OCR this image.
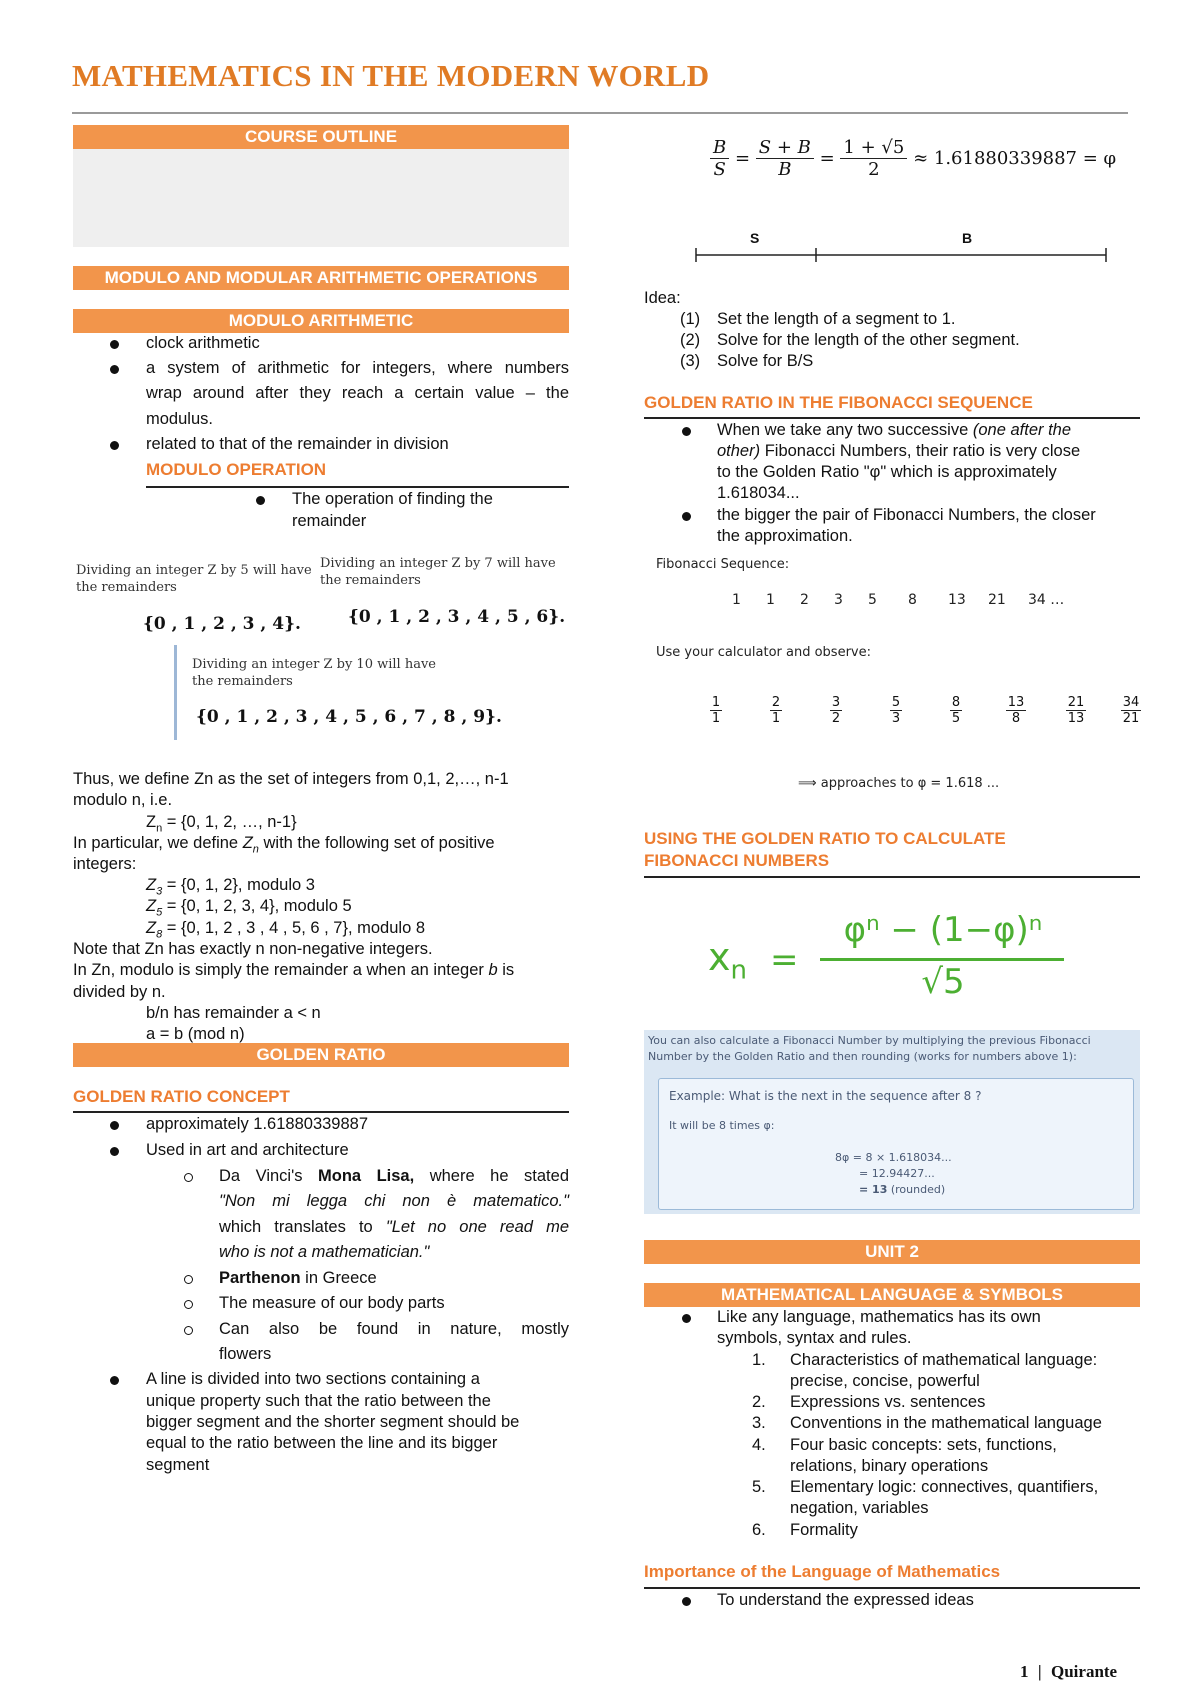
MATHEMATICS IN THE MODERN WORLD
COURSE OUTLINE
MODULO AND MODULAR ARITHMETIC OPERATIONS
MODULO ARITHMETIC
clock arithmetic
a system of arithmetic for integers, where numbers
wrap around after they reach a certain value – the
modulus.
related to that of the remainder in division
MODULO OPERATION
The operation of finding the
remainder
Dividing an integer Z by 5 will have
the remainders
{0 , 1 , 2 , 3 , 4}.
Dividing an integer Z by 7 will have
the remainders
{0 , 1 , 2 , 3 , 4 , 5 , 6}.
Dividing an integer Z by 10 will have
the remainders
{0 , 1 , 2 , 3 , 4 , 5 , 6 , 7 , 8 , 9}.
Thus, we define Zn as the set of integers from 0,1, 2,…, n-1
modulo n, i.e.
$Z_n = \{0$, 1, 2, …, n-1}
In particular, we define $Z_n$ with the following set of positive
integers:
$Z_3 = \{0$, 1, 2}, modulo 3
$Z_5 = \{0$, 1, 2, 3, 4}, modulo 5
$Z_8 = \{0$, 1, 2 , 3 , 4 , 5, 6 , 7}, modulo 8
Note that Zn has exactly n non-negative integers.
In Zn, modulo is simply the remainder a when an integer b is
divided by n.
b/n has remainder a < n
a = b (mod n)
GOLDEN RATIO
GOLDEN RATIO CONCEPT
approximately 1.61880339887
Used in art and architecture
Da Vinci's Mona Lisa, where he stated
"Non mi legga chi non è matematico."
which translates to "Let no one read me
who is not a mathematician."
Parthenon in Greece
The measure of our body parts
Can also be found in nature, mostly
flowers
A line is divided into two sections containing a
unique property such that the ratio between the
bigger segment and the shorter segment should be
equal to the ratio between the line and its bigger
segment
$\frac{B}{S} = \frac{S + B}{B} = \frac{1 + √5}{2} \approx 1.61880339887 = \varphi$
S	B
Idea:
(1) Set the length of a segment to 1.
(2) Solve for the length of the other segment.
(3) Solve for B/S
GOLDEN RATIO IN THE FIBONACCI SEQUENCE
When we take any two successive (one after the
other) Fibonacci Numbers, their ratio is very close
to the Golden Ratio "φ" which is approximately
1.618034...
the bigger the pair of Fibonacci Numbers, the closer
the approximation.
Fibonacci Sequence:
1 1 2 3 5 8 13 21 34 …
Use your calculator and observe:
$\frac{1}{1} \frac{2}{1} \frac{3}{2} \frac{5}{3} \frac{8}{5} \frac{13}{8} \frac{21}{13} \frac{34}{21}$
⟹ approaches to φ = 1.618 ...
USING THE GOLDEN RATIO TO CALCULATE
FIBONACCI NUMBERS
$x_n$ =
φⁿ − (1−φ)ⁿ
√5
You can also calculate a Fibonacci Number by multiplying the previous Fibonacci
Number by the Golden Ratio and then rounding (works for numbers above 1):
Example: What is the next in the sequence after 8 ?
It will be 8 times φ:
8φ = 8 × 1.618034...
= 12.94427...
= 13 (rounded)
UNIT 2
MATHEMATICAL LANGUAGE & SYMBOLS
Like any language, mathematics has its own
symbols, syntax and rules.
1. Characteristics of mathematical language:
precise, concise, powerful
2. Expressions vs. sentences
3. Conventions in the mathematical language
4. Four basic concepts: sets, functions,
relations, binary operations
5. Elementary logic: connectives, quantifiers,
negation, variables
6. Formality
Importance of the Language of Mathematics
To understand the expressed ideas
1 | Quirante
